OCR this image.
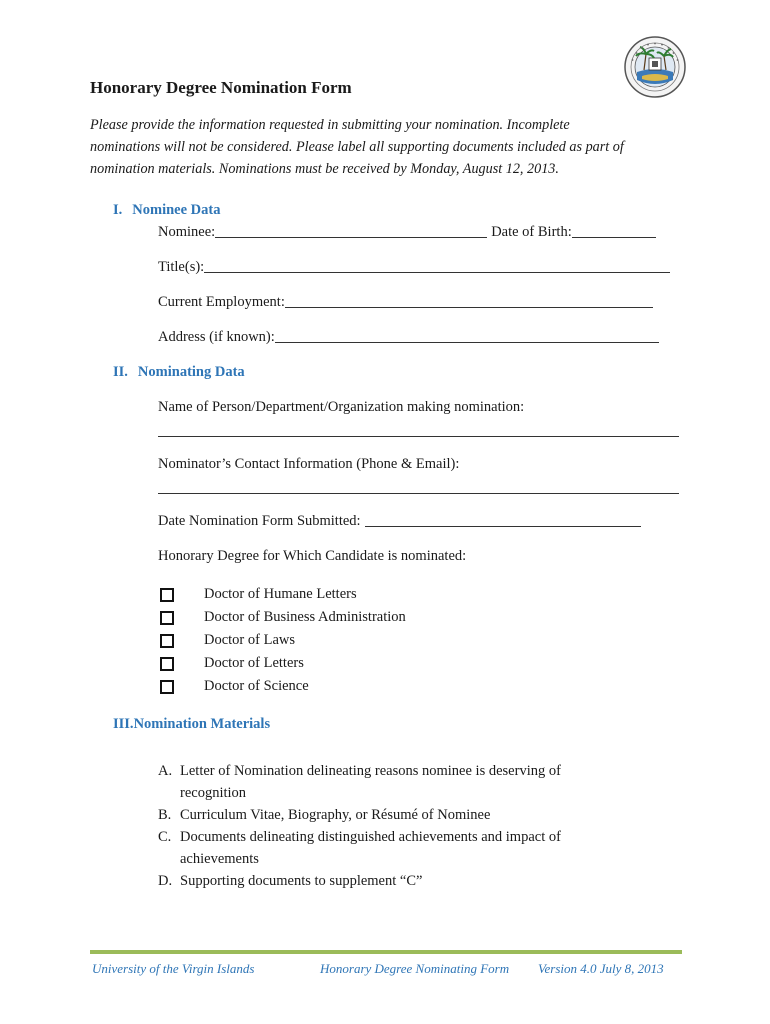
Honorary Degree Nomination Form
Please provide the information requested in submitting your nomination. Incomplete
nominations will not be considered. Please label all supporting documents included as part of
nomination materials. Nominations must be received by Monday, August 12, 2013.
I. Nominee Data
Nominee:	Date of Birth:
Title(s):
Current Employment:
Address (if known):
II. Nominating Data
Name of Person/Department/Organization making nomination:
Nominator’s Contact Information (Phone & Email):
Date Nomination Form Submitted:
Honorary Degree for Which Candidate is nominated:
Doctor of Humane Letters
Doctor of Business Administration
Doctor of Laws
Doctor of Letters
Doctor of Science
III.Nomination Materials
A. Letter of Nomination delineating reasons nominee is deserving of
recognition
B. Curriculum Vitae, Biography, or Résumé of Nominee
C. Documents delineating distinguished achievements and impact of
achievements
D. Supporting documents to supplement “C”
University of the Virgin Islands	Honorary Degree Nominating Form Version 4.0 July 8, 2013
